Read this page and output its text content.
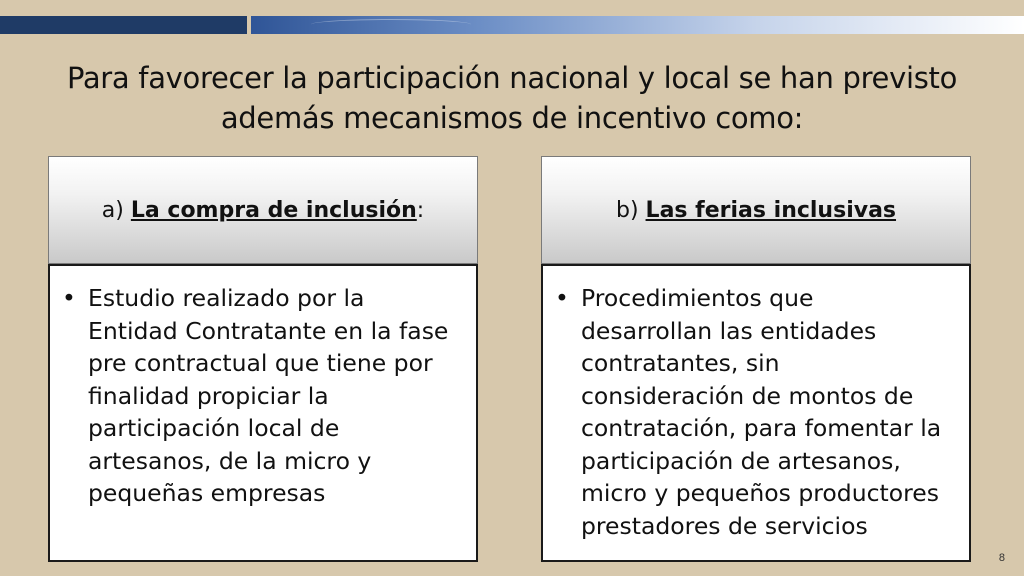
Para favorecer la participación nacional y local se han previsto además mecanismos de incentivo como:
a)
La compra de inclusión :
• Estudio realizado por la Entidad Contratante en la fase pre contractual que tiene por finalidad propiciar la participación local de artesanos, de la micro y pequeñas empresas
b)
Las ferias inclusivas
• Procedimientos que desarrollan las entidades contratantes, sin consideración de montos de contratación, para fomentar la participación de artesanos, micro y pequeños productores prestadores de servicios
8
